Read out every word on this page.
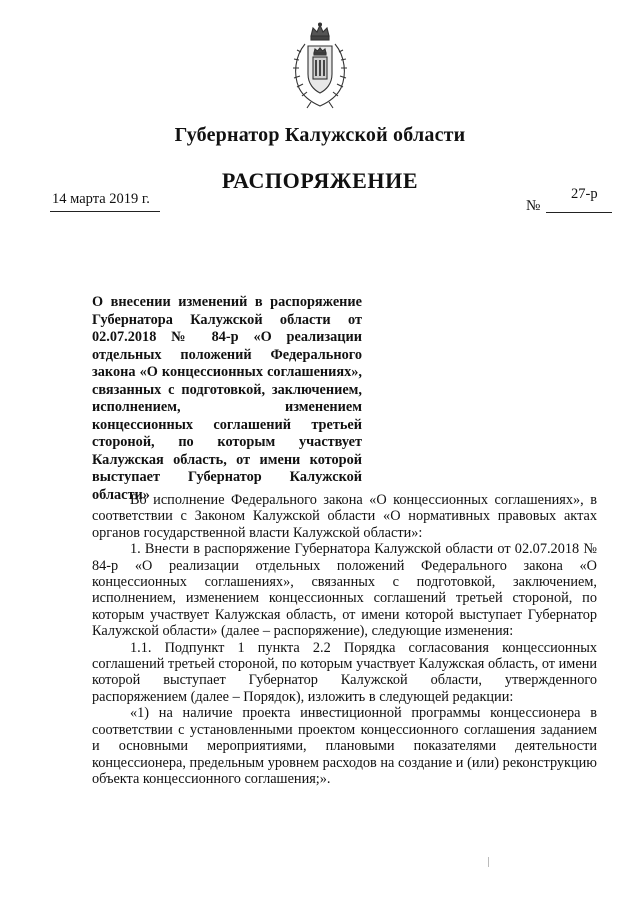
Губернатор Калужской области
РАСПОРЯЖЕНИЕ
14 марта 2019 г.	№
27-р
О внесении изменений в распоряжение Губернатора Калужской области от 02.07.2018 № 84-р «О реализации отдельных положений Федерального закона «О концессионных соглашениях», связанных с подготовкой, заключением, исполнением, изменением концессионных соглашений третьей стороной, по которым участвует Калужская область, от имени которой выступает Губернатор Калужской области»

Во исполнение Федерального закона «О концессионных соглашениях», в соответствии с Законом Калужской области «О нормативных правовых актах органов государственной власти Калужской области»:

1. Внести в распоряжение Губернатора Калужской области от 02.07.2018 № 84-р «О реализации отдельных положений Федерального закона «О концессионных соглашениях», связанных с подготовкой, заключением, исполнением, изменением концессионных соглашений третьей стороной, по которым участвует Калужская область, от имени которой выступает Губернатор Калужской области» (далее – распоряжение), следующие изменения:

1.1. Подпункт 1 пункта 2.2 Порядка согласования концессионных соглашений третьей стороной, по которым участвует Калужская область, от имени которой выступает Губернатор Калужской области, утвержденного распоряжением (далее – Порядок), изложить в следующей редакции:

«1) на наличие проекта инвестиционной программы концессионера в соответствии с установленными проектом концессионного соглашения заданием и основными мероприятиями, плановыми показателями деятельности концессионера, предельным уровнем расходов на создание и (или) реконструкцию объекта концессионного соглашения;».
